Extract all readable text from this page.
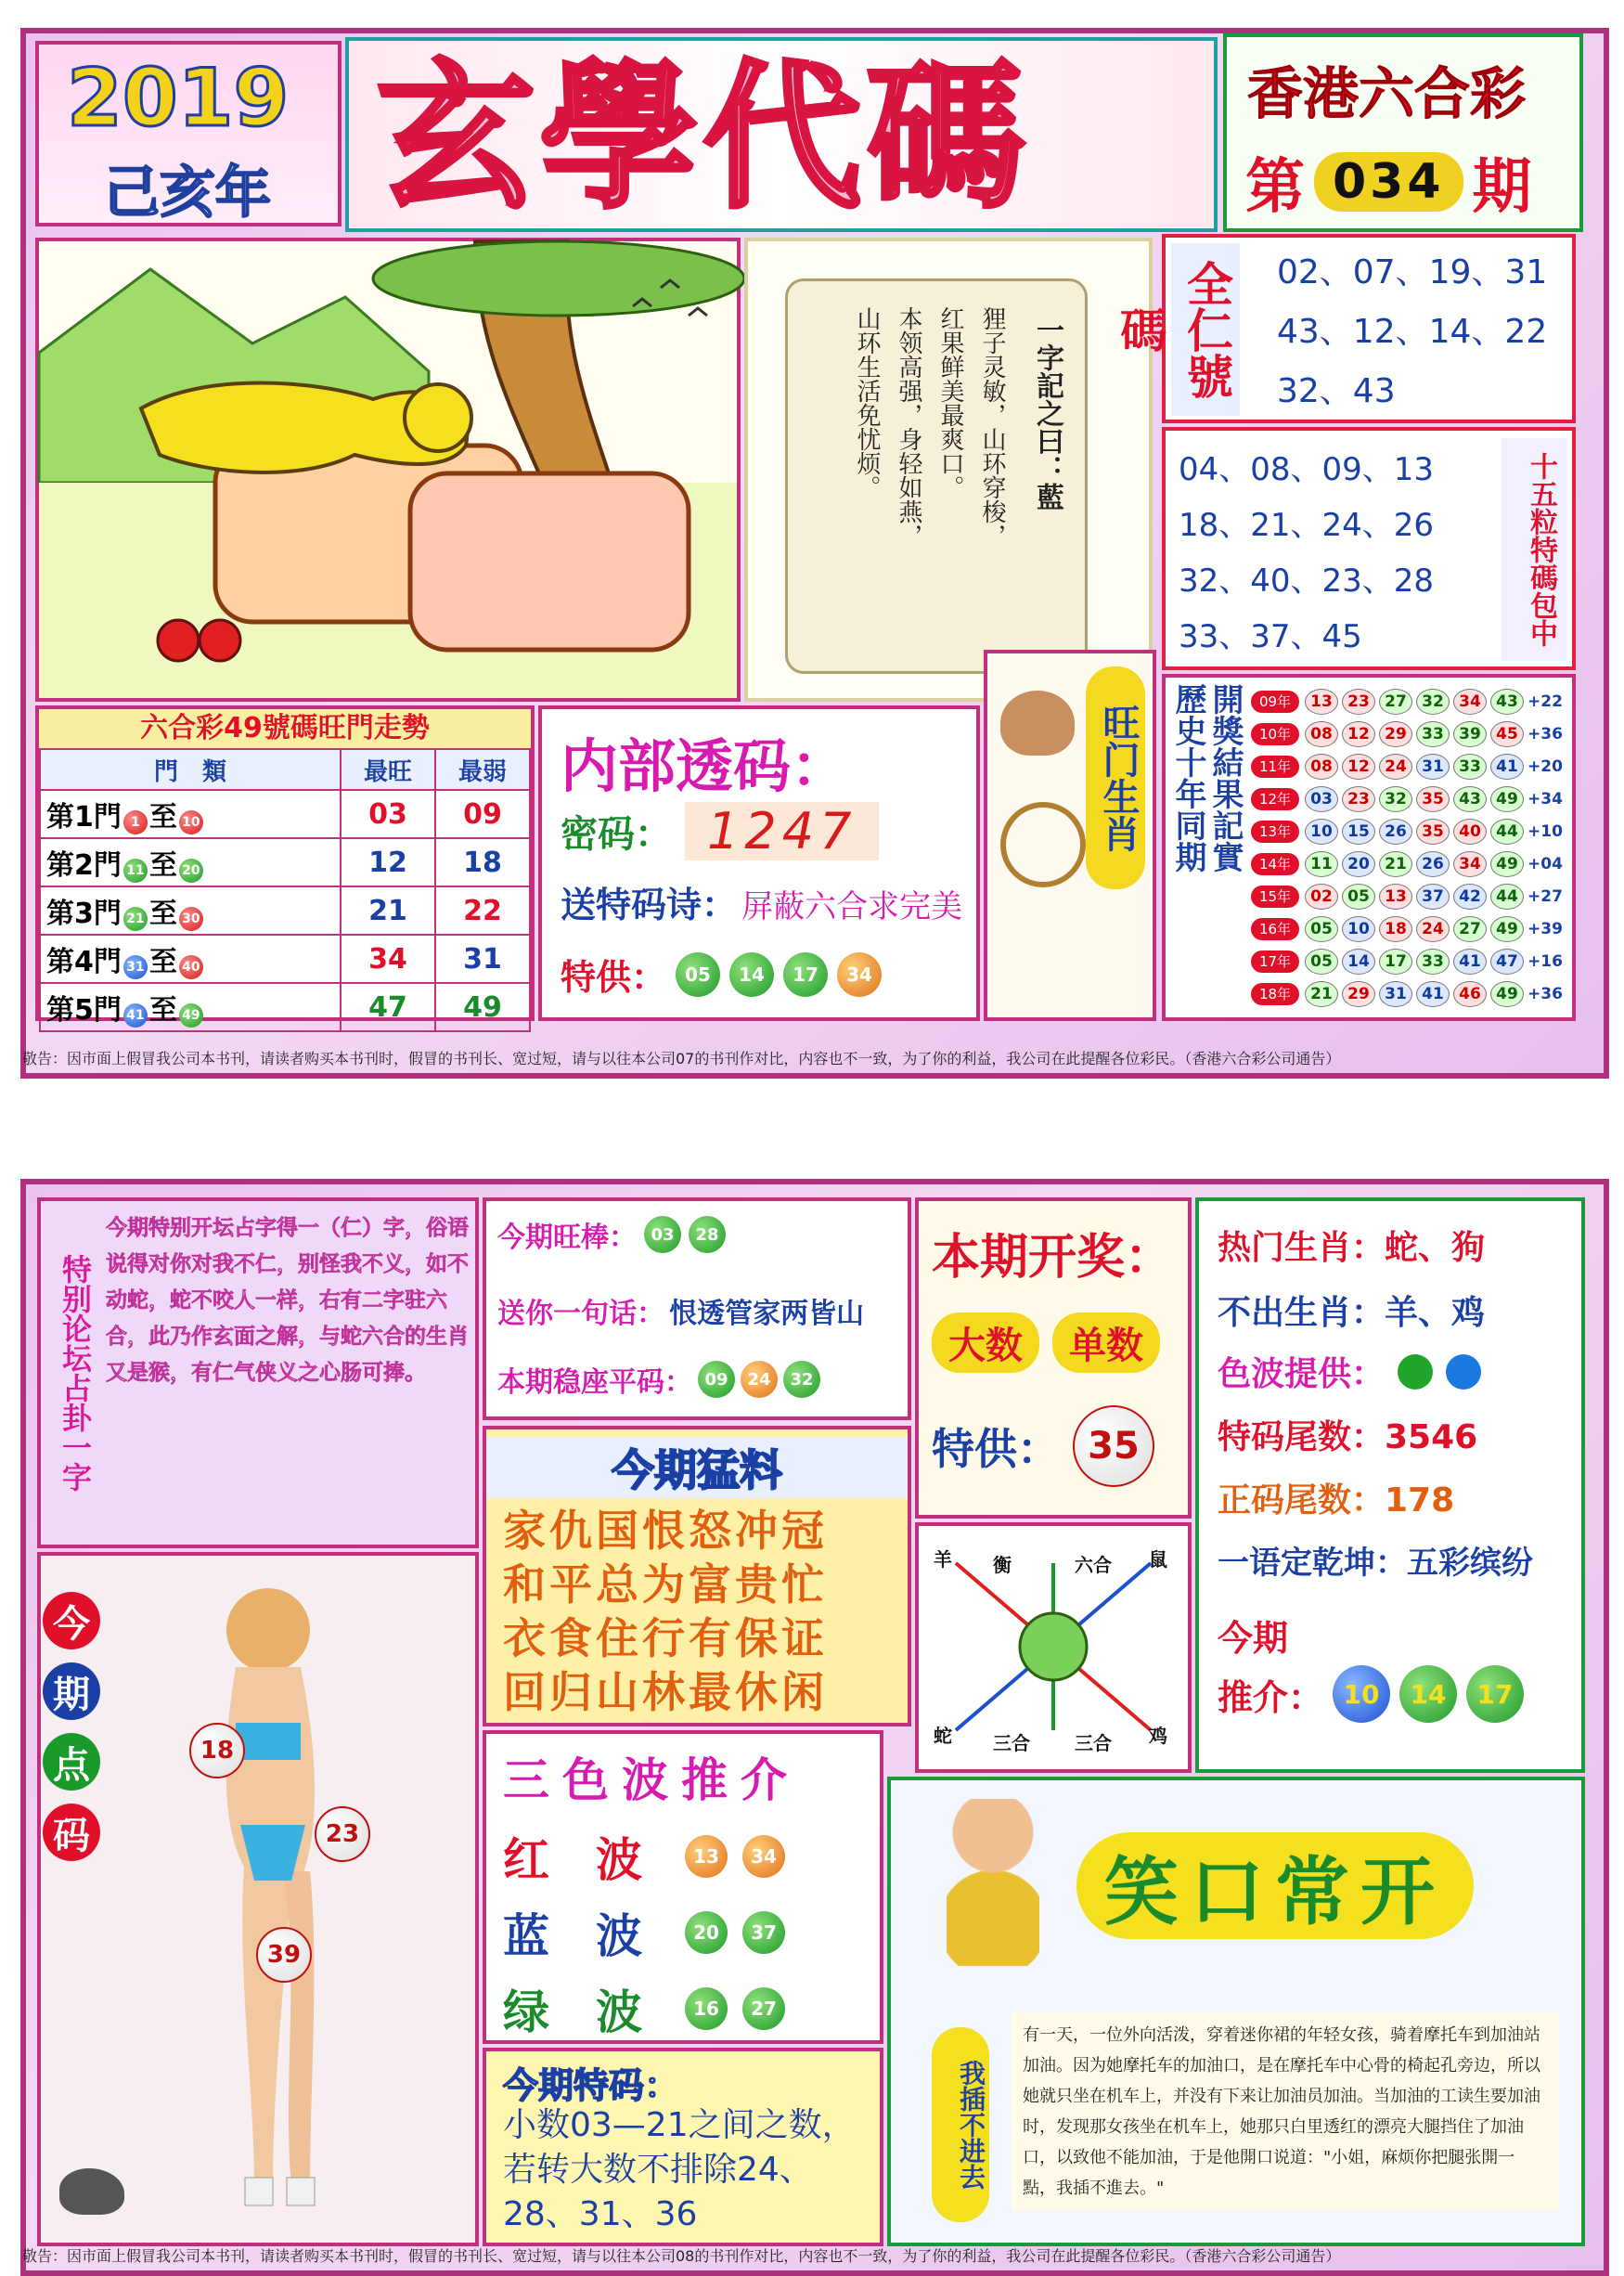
2019
己亥年 玄學代碼	香港六合彩
第 034 期
一字記之曰：藍
狸子灵敏，山环穿梭，
红果鲜美最爽口。
本领高强，身轻如燕，
山环生活免忧烦。	全仁號碼
02、07、19、31
43、12、14、22
32、43
04、08、09、13
18、21、24、26
32、40、23、28
33、37、45	十五粒特碼包中
六合彩49號碼旺門走勢
門　類	最旺	最弱
第1門 1 至 10	03	09
第2門 11 至 20	12	18
第3門 21 至 30	21	22
第4門 31 至 40	34	31
第5門 41 至 49	47	49
内部透码：
密码： 1247
送特码诗： 屏蔽六合求完美
特供：	05	14	17	34
旺门生肖 歷史十年同期 開獎結果記實	09年	13 23 27 32 34 43 +22
10年	08 12 29 33 39 45 +36
11年	08 12 24 31 33 41 +20
12年	03 23 32 35 43 49 +34
13年	10 15 26 35 40 44 +10
14年	11 20 21 26 34 49 +04
15年	02 05 13 37 42 44 +27
16年	05 10 18 24 27 49 +39
17年	05 14 17 33 41 47 +16
18年	21 29 31 41 46 49 +36
敬告：因市面上假冒我公司本书刊，请读者购买本书刊时，假冒的书刊长、宽过短，请与以往本公司07的书刊作对比，内容也不一致，为了你的利益，我公司在此提醒各位彩民。（香港六合彩公司通告）
特别论坛占卦一字
今期特别开坛占字得一（仁）字，俗语说得对你对我不仁，别怪我不义，如不动蛇，蛇不咬人一样，右有二字驻六合，此乃作玄面之解，与蛇六合的生肖又是猴，有仁气侠义之心肠可捧。
18
23
39
今期旺棒： 03	28
送你一句话： 恨透管家两皆山
本期稳座平码： 09	24	32
今期猛料
家仇国恨怒冲冠
和平总为富贵忙
衣食住行有保证
回归山林最休闲
本期开奖：
大数	单数
特供： 35
羊 衡	六合 鼠
蛇 三合 三合 鸡
热门生肖：蛇、狗
不出生肖：羊、鸡
色波提供：
特码尾数：3546
正码尾数：178
一语定乾坤：五彩缤纷
今期
推介： 10	14	17
三色波推介
红　波	13	34
蓝　波	20	37
绿　波	16	27
今期特码：
小数03—21之间之数，若转大数不排除24、28、31、36
笑口常开
我插不进去
有一天，一位外向活泼，穿着迷你裙的年轻女孩，骑着摩托车到加油站加油。因为她摩托车的加油口，是在摩托车中心骨的椅起孔旁边，所以她就只坐在机车上，并没有下来让加油员加油。当加油的工读生要加油时，发现那女孩坐在机车上，她那只白里透红的漂亮大腿挡住了加油口，以致他不能加油，于是他開口说道："小姐，麻烦你把腿张開一點，我插不進去。"
敬告：因市面上假冒我公司本书刊，请读者购买本书刊时，假冒的书刊长、宽过短，请与以往本公司08的书刊作对比，内容也不一致，为了你的利益，我公司在此提醒各位彩民。（香港六合彩公司通告）
今
期
点
码
